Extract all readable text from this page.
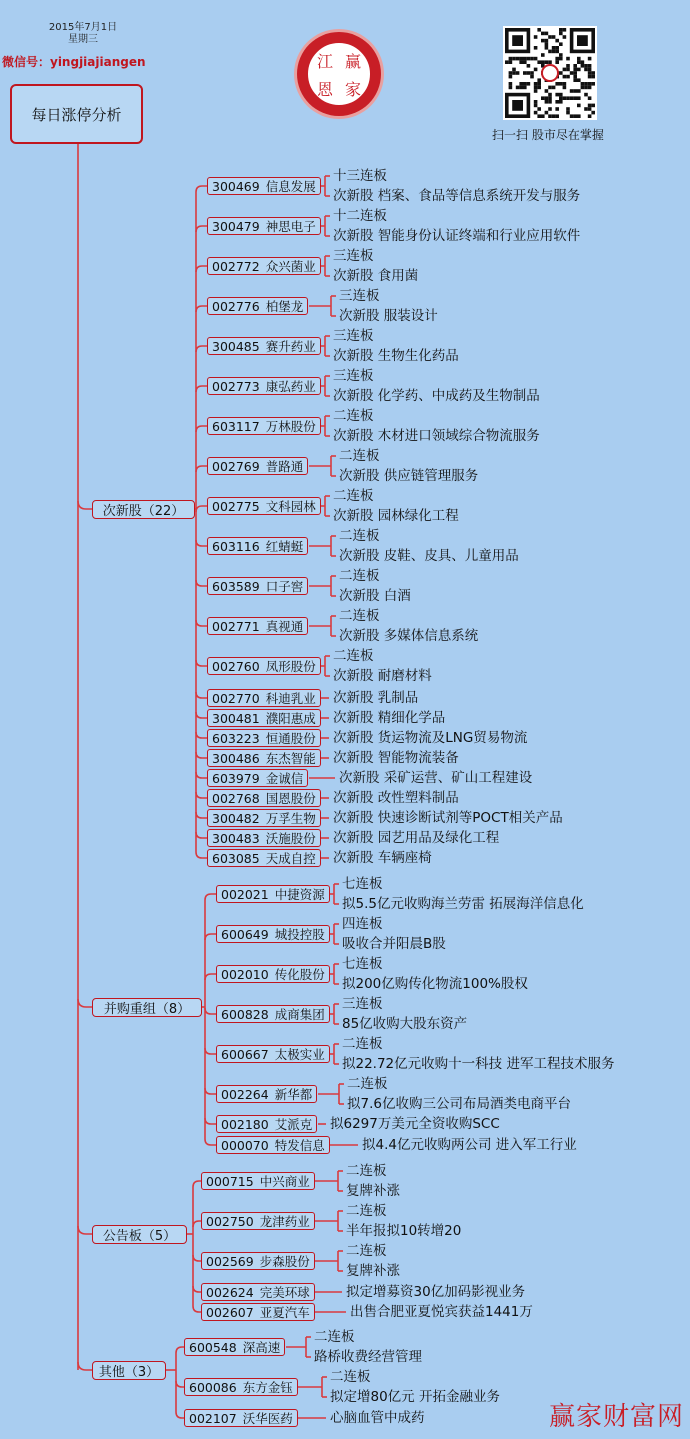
2015年7月1日
星期三
微信号：yingjiajiangen
每日涨停分析
江 赢
恩 家
扫一扫 股市尽在掌握
次新股（22）
300469 信息发展
十三连板
次新股 档案、食品等信息系统开发与服务
300479 神思电子
十二连板
次新股 智能身份认证终端和行业应用软件
002772 众兴菌业
三连板
次新股 食用菌
002776 柏堡龙
三连板
次新股 服装设计
300485 赛升药业
三连板
次新股 生物生化药品
002773 康弘药业
三连板
次新股 化学药、中成药及生物制品
603117 万林股份
二连板
次新股 木材进口领域综合物流服务
002769 普路通
二连板
次新股 供应链管理服务
002775 文科园林
二连板
次新股 园林绿化工程
603116 红蜻蜓
二连板
次新股 皮鞋、皮具、儿童用品
603589 口子窖
二连板
次新股 白酒
002771 真视通
二连板
次新股 多媒体信息系统
002760 凤形股份
二连板
次新股 耐磨材料
002770 科迪乳业 次新股 乳制品
300481 濮阳惠成 次新股 精细化学品
603223 恒通股份 次新股 货运物流及LNG贸易物流
300486 东杰智能 次新股 智能物流装备
603979 金诚信	次新股 采矿运营、矿山工程建设
002768 国恩股份 次新股 改性塑料制品
300482 万孚生物 次新股 快速诊断试剂等POCT相关产品
300483 沃施股份 次新股 园艺用品及绿化工程
603085 天成自控 次新股 车辆座椅
并购重组（8）
002021 中捷资源
七连板
拟5.5亿元收购海兰劳雷 拓展海洋信息化
600649 城投控股
四连板
吸收合并阳晨B股
002010 传化股份
七连板
拟200亿购传化物流100%股权
600828 成商集团
三连板
85亿收购大股东资产
600667 太极实业
二连板
拟22.72亿元收购十一科技 进军工程技术服务
002264 新华都
二连板
拟7.6亿收购三公司布局酒类电商平台
002180 艾派克 拟6297万美元全资收购SCC
000070 特发信息	拟4.4亿元收购两公司 进入军工行业
公告板（5）
000715 中兴商业
二连板
复牌补涨
002750 龙津药业
二连板
半年报拟10转增20
002569 步森股份
二连板
复牌补涨
002624 完美环球	拟定增募资30亿加码影视业务
002607 亚夏汽车	出售合肥亚夏悦宾获益1441万
其他（3）
600548 深高速
二连板
路桥收费经营管理
600086 东方金钰
二连板
拟定增80亿元 开拓金融业务
002107 沃华医药	心脑血管中成药	赢家财富网
